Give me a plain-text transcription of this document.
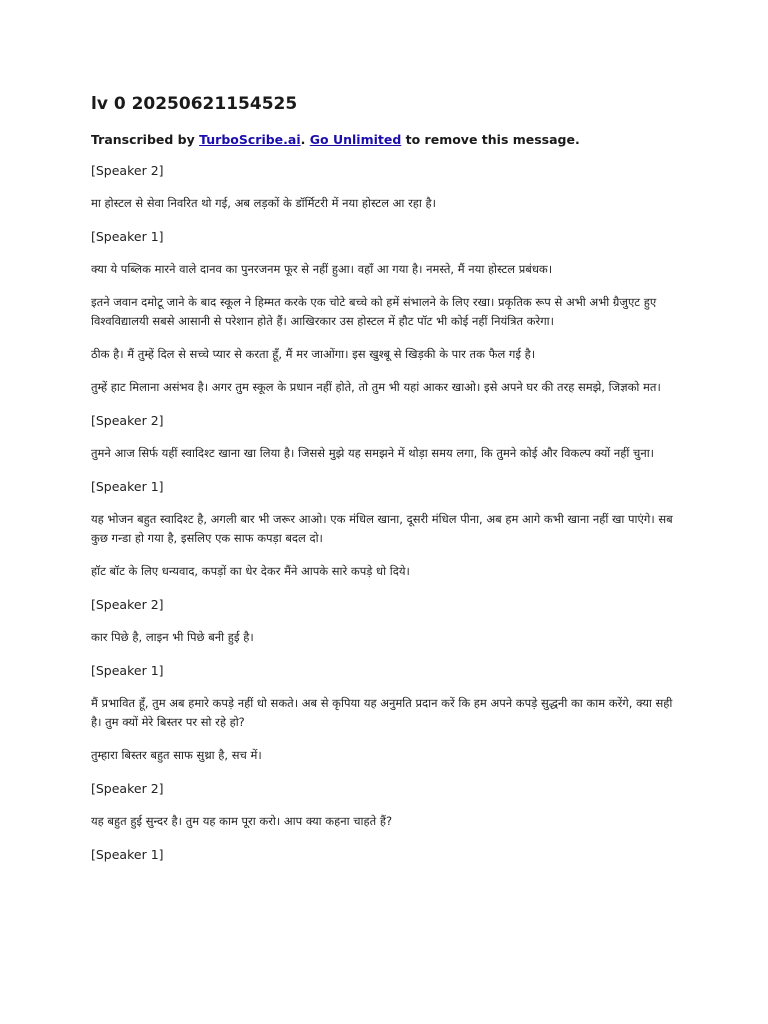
lv 0 20250621154525

Transcribed by TurboScribe.ai. Go Unlimited to remove this message.

[Speaker 2]

मा होस्टल से सेवा निवरित थो गई, अब लड़कों के डॉर्मिटरी में नया होस्टल आ रहा है।

[Speaker 1]

क्या ये पब्लिक मारने वाले दानव का पुनरजनम फूर से नहीं हुआ। वहाँ आ गया है। नमस्ते, मैं नया होस्टल प्रबंधक।

इतने जवान दमोटू जाने के बाद स्कूल ने हिम्मत करके एक चोटे बच्चे को हमें संभालने के लिए रखा। प्रकृतिक रूप से अभी अभी ग्रैजुएट हुए विश्वविद्यालयी सबसे आसानी से परेशान होते हैं। आखिरकार उस होस्टल में हौट पॉट भी कोई नहीं नियंत्रित करेगा।

ठीक है। मैं तुम्हें दिल से सच्चे प्यार से करता हूँ, मैं मर जाओंगा। इस खुश्बू से खिड़की के पार तक फैल गई है।

तुम्हें हाट मिलाना असंभव है। अगर तुम स्कूल के प्रधान नहीं होते, तो तुम भी यहां आकर खाओ। इसे अपने घर की तरह समझे, जिज्ञको मत।

[Speaker 2]

तुमने आज सिर्फ यहीं स्वादिश्ट खाना खा लिया है। जिससे मुझे यह समझने में थोड़ा समय लगा, कि तुमने कोई और विकल्प क्यों नहीं चुना।

[Speaker 1]

यह भोजन बहुत स्वादिश्ट है, अगली बार भी जरूर आओ। एक मंधिल खाना, दूसरी मंधिल पीना, अब हम आगे कभी खाना नहीं खा पाएंगे। सब कुछ गन्डा हो गया है, इसलिए एक साफ कपड़ा बदल दो।

हॉट बॉट के लिए धन्यवाद, कपड़ों का धेर देकर मैंने आपके सारे कपड़े धो दिये।

[Speaker 2]

कार पिछे है, लाइन भी पिछे बनी हुई है।

[Speaker 1]

मैं प्रभावित हूँ, तुम अब हमारे कपड़े नहीं धो सकते। अब से कृपिया यह अनुमति प्रदान करें कि हम अपने कपड़े सुद्धनी का काम करेंगे, क्या सही है। तुम क्यों मेरे बिस्तर पर सो रहे हो?

तुम्हारा बिस्तर बहुत साफ सुथ्रा है, सच में।

[Speaker 2]

यह बहुत हुई सुन्दर है। तुम यह काम पूरा करो। आप क्या कहना चाहते हैं?

[Speaker 1]
